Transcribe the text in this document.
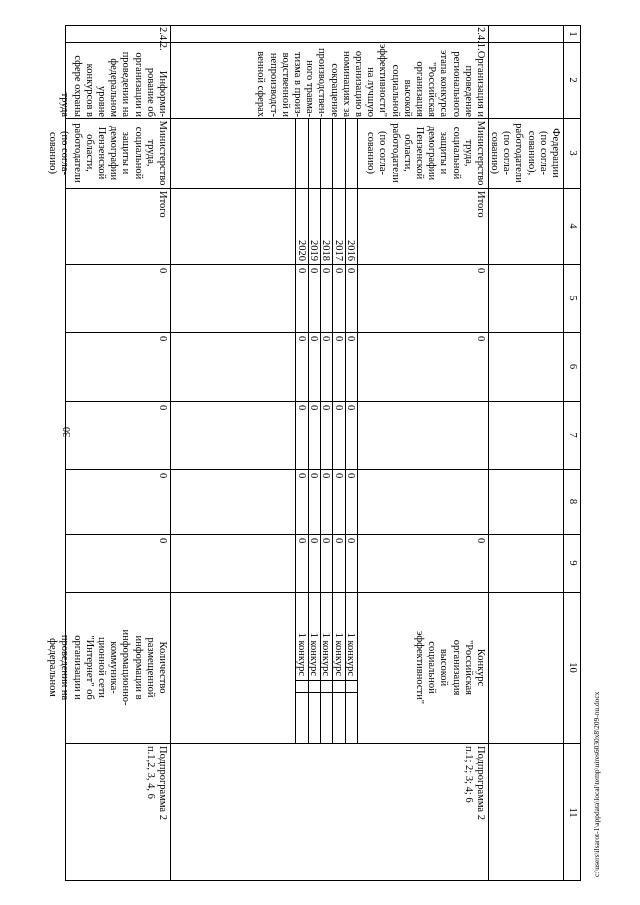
30
c:\users\ilsarot-1\appdata\local\temp\uires6030x8\209-nu.docx
1
2
3
4
5
6
7
8
9
10
11
Федерации
(по согла-
сованию),
работодатели
(по согла-
сованию)
2.4.1.
Организация и
проведение
регионального
этапа конкурса
"Российская
организация
высокой
социальной
эффективности"
на лучшую
организацию в
номинациях за
сокращение
производствен-
ного травма-
тизма в произ-
водственной и
непроизводст-
венной сферах
Министерство
труда,
социальной
защиты и
демографии
Пензенской
области,
работодатели
(по согла-
сованию)
Итого
0
0
0
Конкурс
"Российская
организация
высокой
социальной
эффективности"
Подпрограмма 2
п.1; 2; 3; 4; 6
2016
0
0
0
0
0
1 конкурс
2017
0
0
0
0
0
1 конкурс
2018
0
0
0
0
0
1 конкурс
2019
0
0
0
0
0
1 конкурс
2020
0
0
0
0
0
1 конкурс
2.4.2.
Информи-
рование об
организации и
проведении на
федеральном
уровне
конкурсов в
сфере охраны
труда
Министерство
труда,
социальной
защиты и
демографии
Пензенской
области,
работодатели
(по согла-
сованию)
Итого
0
0
0
0
0
Количество
размещенной
информации в
информационно-
коммуника-
ционной сети
"Интернет" об
организации и
проведении на
федеральном
Подпрограмма 2
п.1,2, 3, 4, 6
